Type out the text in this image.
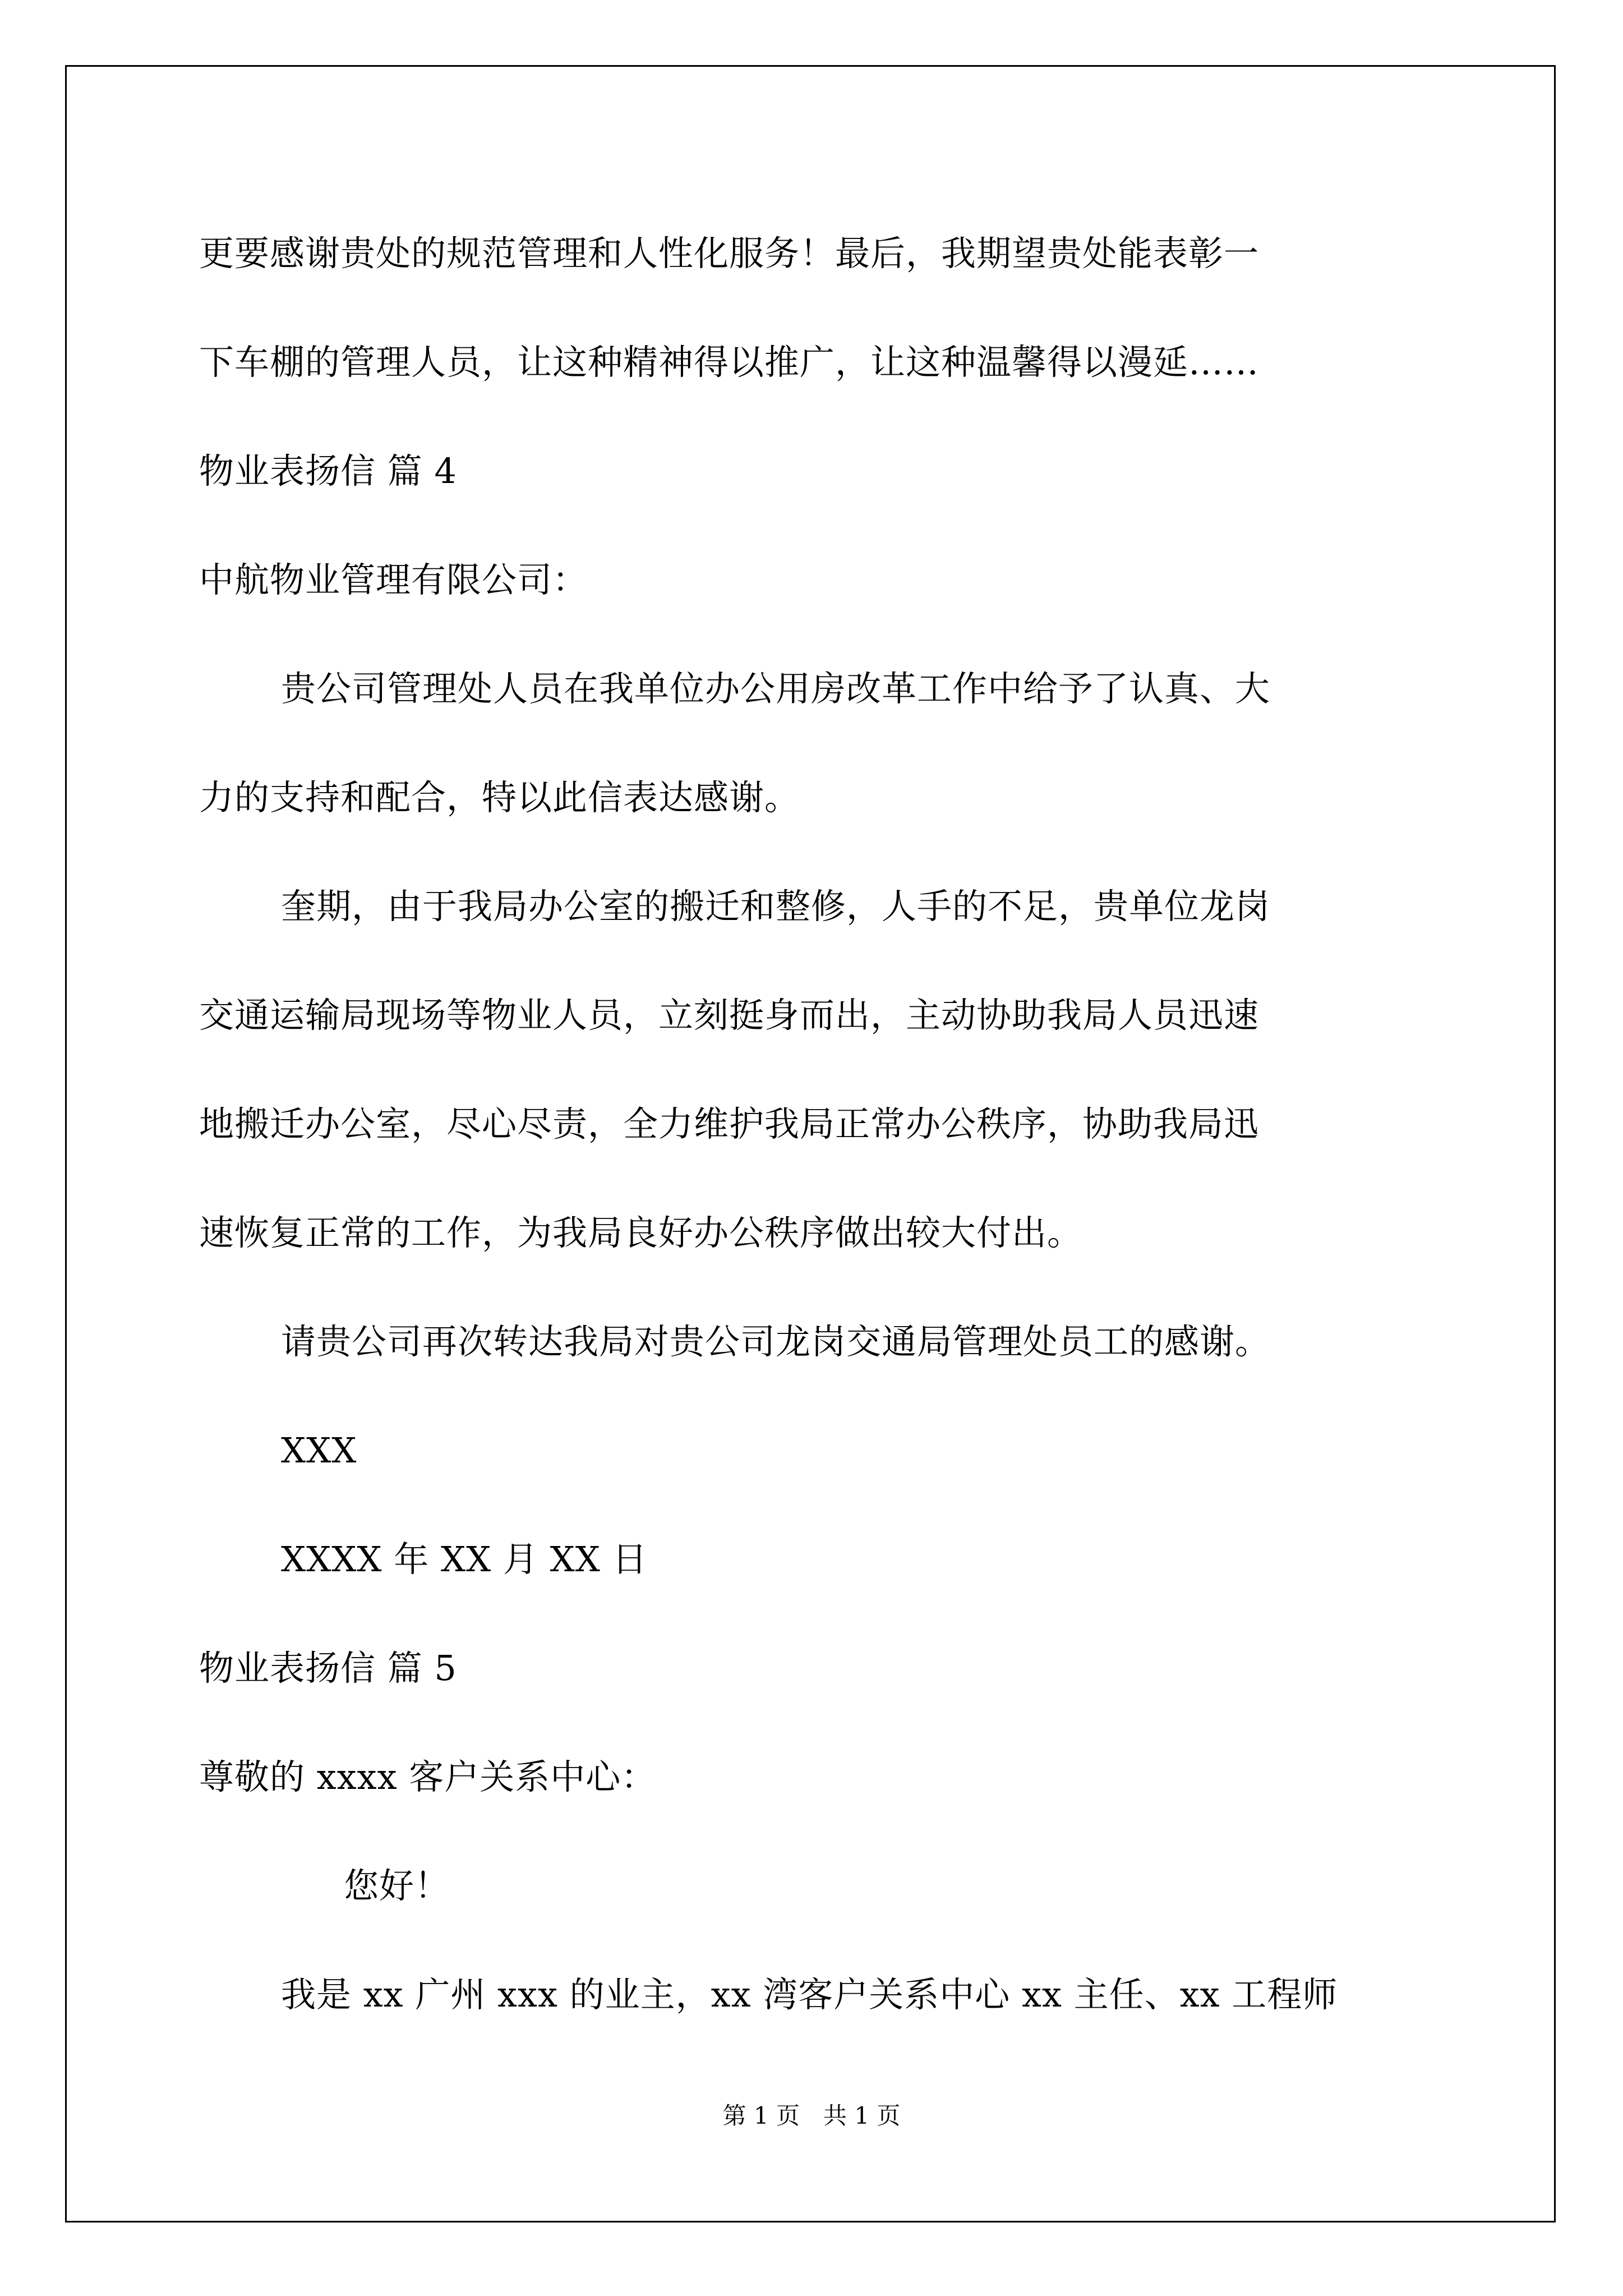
更要感谢贵处的规范管理和人性化服务！最后，我期望贵处能表彰一
下车棚的管理人员，让这种精神得以推广，让这种温馨得以漫延……
物业表扬信 篇 4
中航物业管理有限公司：
贵公司管理处人员在我单位办公用房改革工作中给予了认真、大
力的支持和配合，特以此信表达感谢。
奎期，由于我局办公室的搬迁和整修，人手的不足，贵单位龙岗
交通运输局现场等物业人员，立刻挺身而出，主动协助我局人员迅速
地搬迁办公室，尽心尽责，全力维护我局正常办公秩序，协助我局迅
速恢复正常的工作，为我局良好办公秩序做出较大付出。
请贵公司再次转达我局对贵公司龙岗交通局管理处员工的感谢。
XXX
XXXX 年 XX 月 XX 日
物业表扬信 篇 5
尊敬的 xxxx 客户关系中心：
您好！
我是 xx 广州 xxx 的业主，xx 湾客户关系中心 xx 主任、xx 工程师
第 1 页　共 1 页
